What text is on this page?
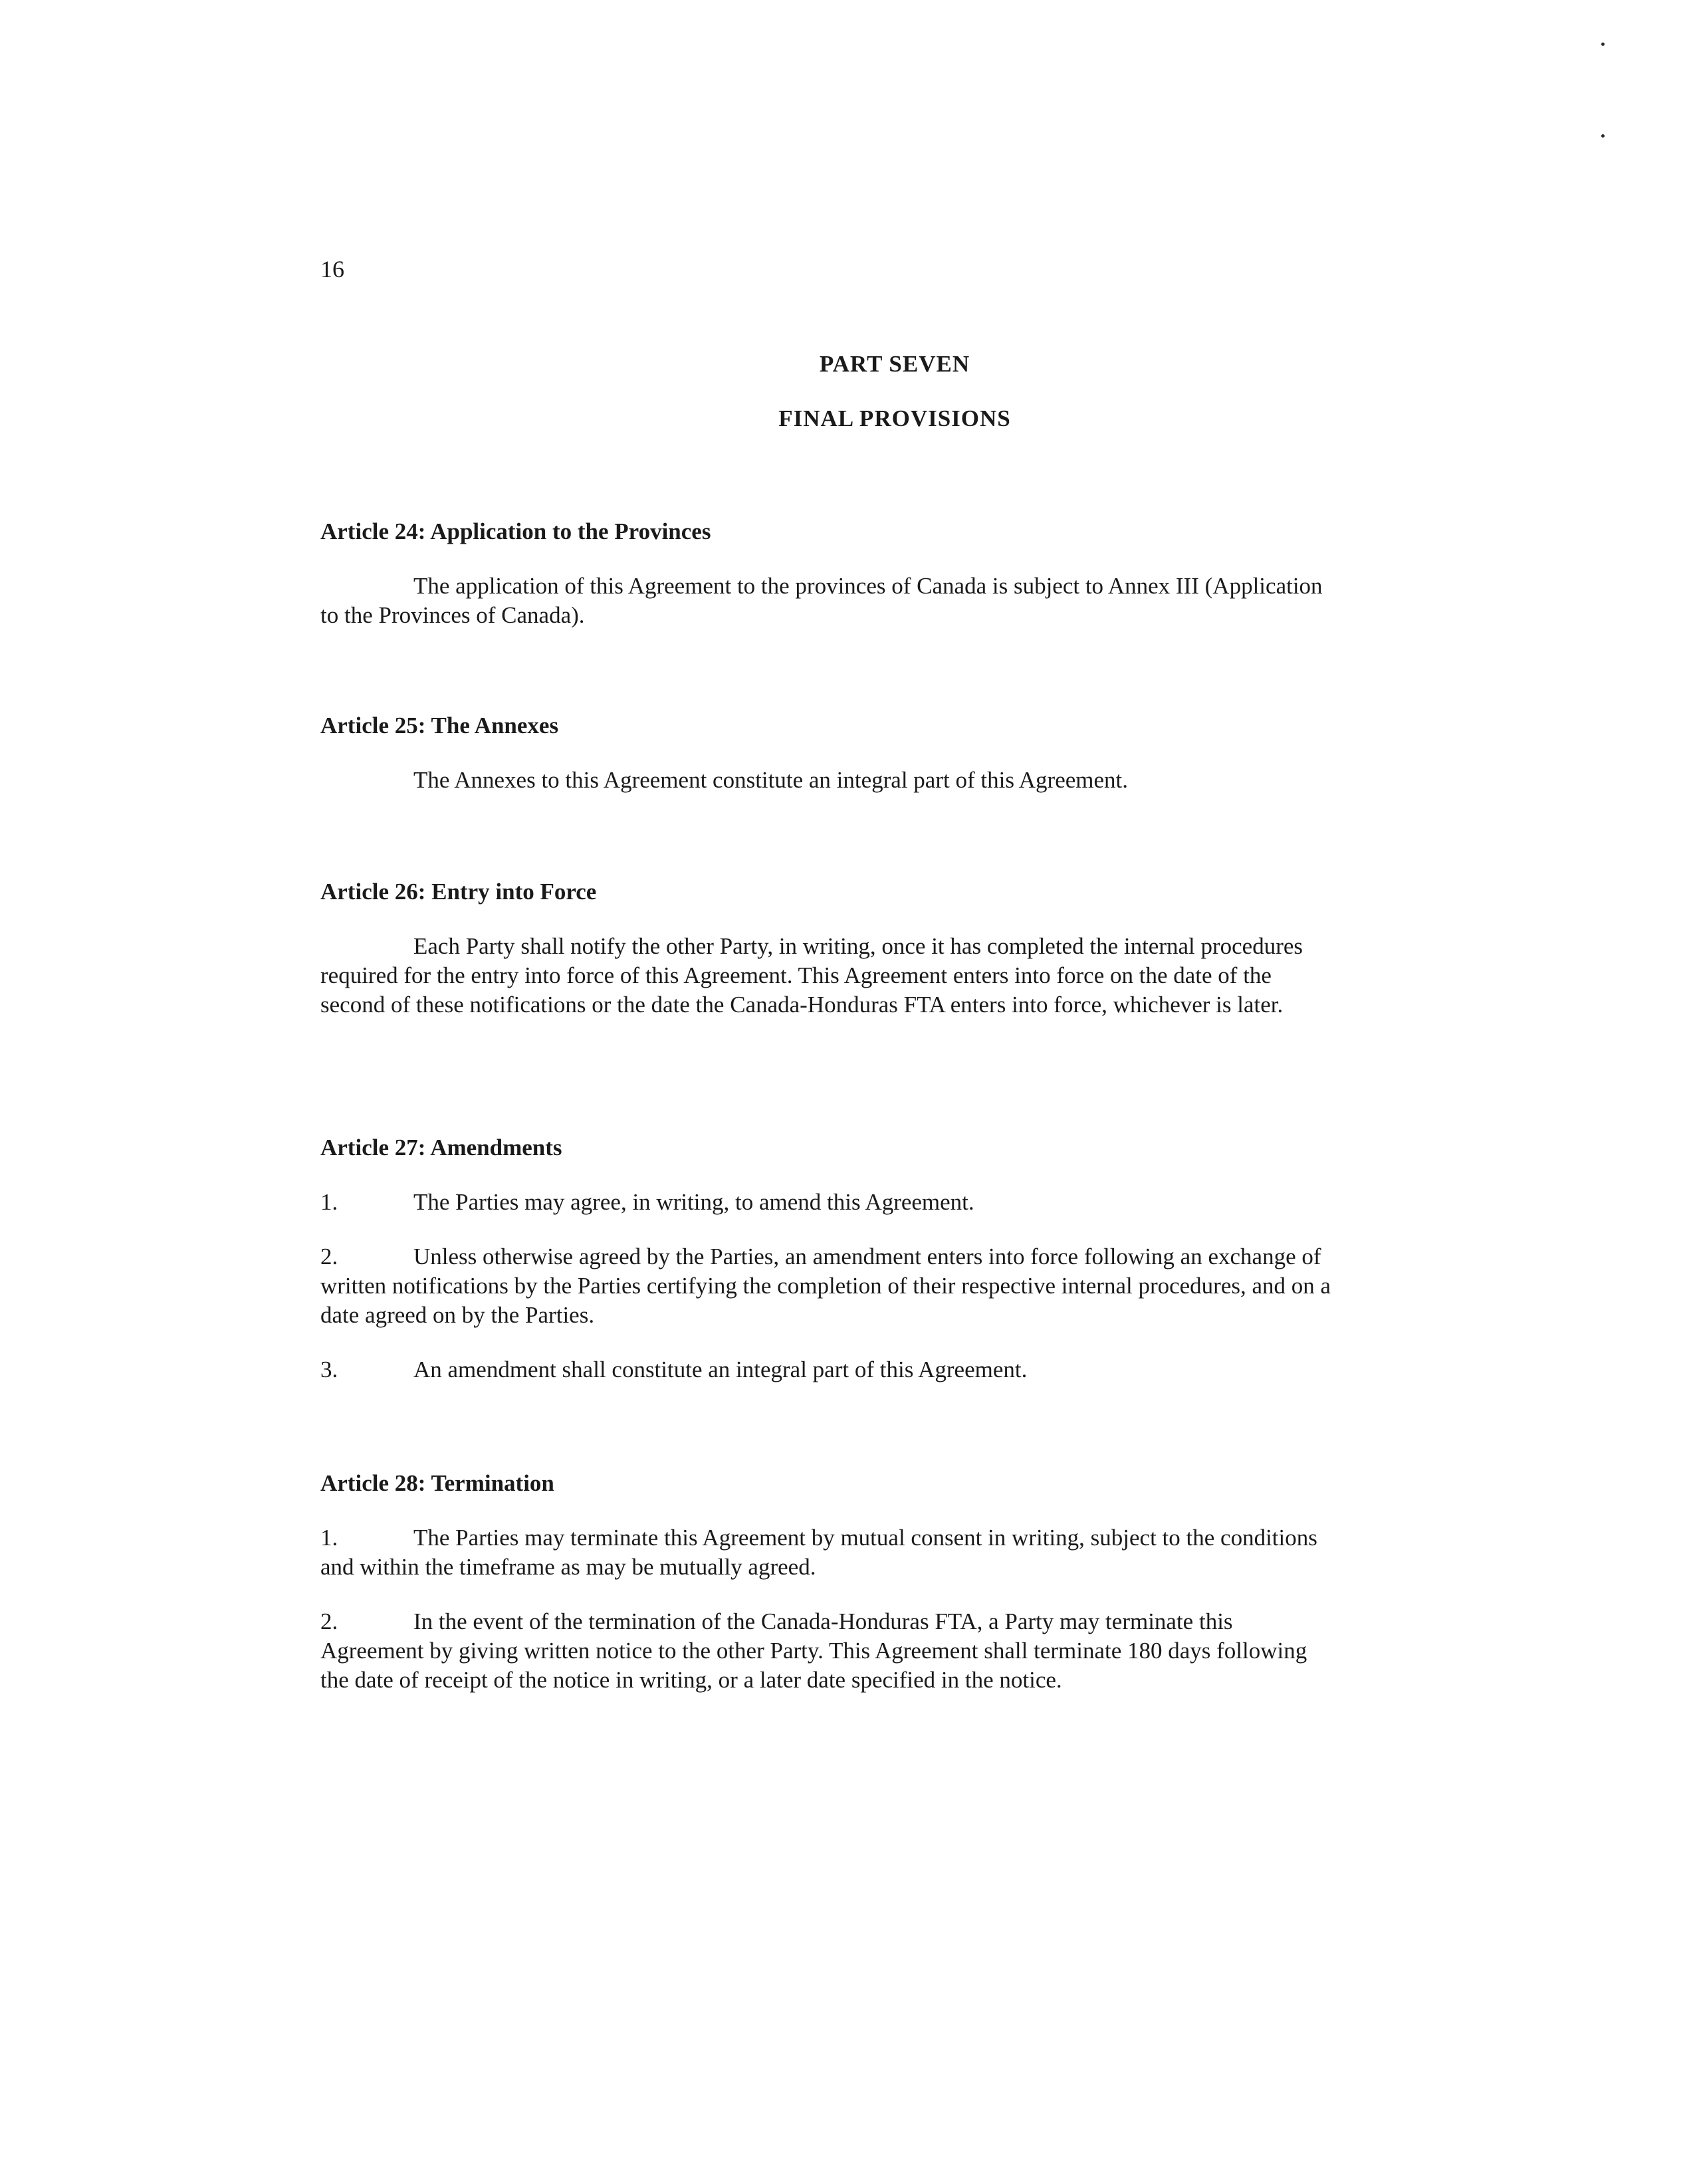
16

PART SEVEN

FINAL PROVISIONS

Article 24: Application to the Provinces

The application of this Agreement to the provinces of Canada is subject to Annex III (Application to the Provinces of Canada).

Article 25: The Annexes

The Annexes to this Agreement constitute an integral part of this Agreement.

Article 26: Entry into Force

Each Party shall notify the other Party, in writing, once it has completed the internal procedures required for the entry into force of this Agreement. This Agreement enters into force on the date of the second of these notifications or the date the Canada-Honduras FTA enters into force, whichever is later.

Article 27: Amendments

1.	The Parties may agree, in writing, to amend this Agreement.

2.	Unless otherwise agreed by the Parties, an amendment enters into force following an exchange of written notifications by the Parties certifying the completion of their respective internal procedures, and on a date agreed on by the Parties.

3.	An amendment shall constitute an integral part of this Agreement.

Article 28: Termination

1.	The Parties may terminate this Agreement by mutual consent in writing, subject to the conditions and within the timeframe as may be mutually agreed.

2.	In the event of the termination of the Canada-Honduras FTA, a Party may terminate this Agreement by giving written notice to the other Party. This Agreement shall terminate 180 days following the date of receipt of the notice in writing, or a later date specified in the notice.
